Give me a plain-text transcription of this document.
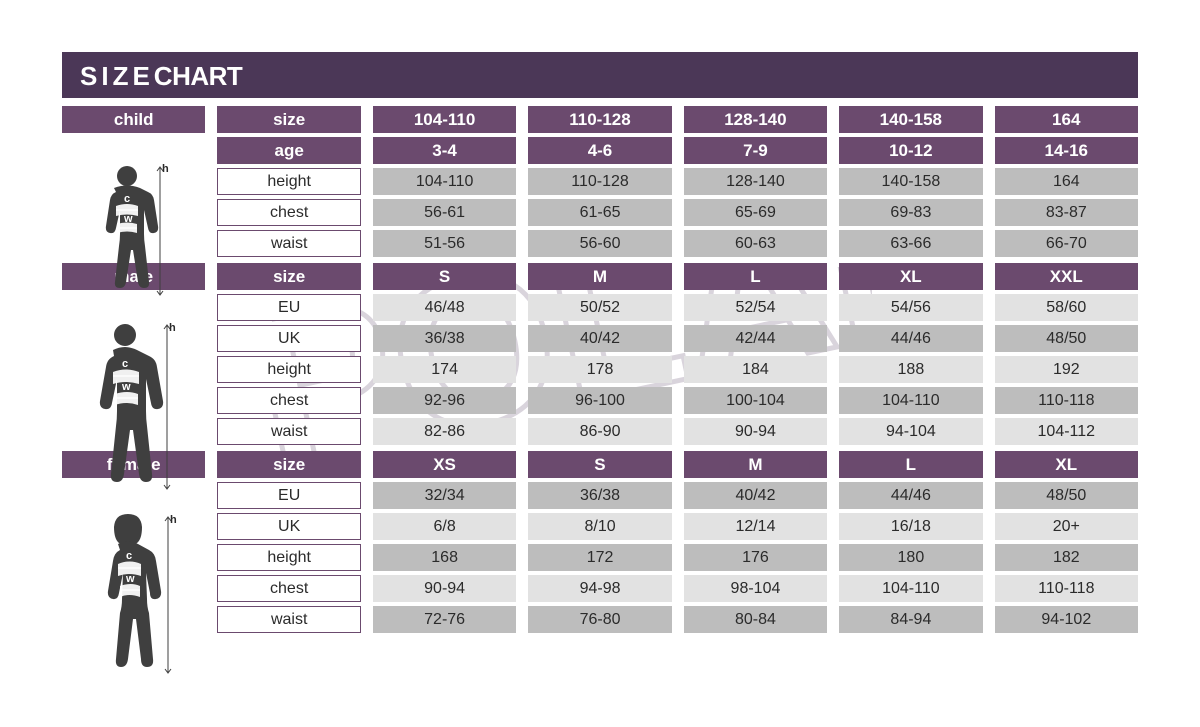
SIZECHART
child	size	104-110	110-128	128-140	140-158	164
age	3-4	4-6	7-9	10-12	14-16
height	104-110	110-128	128-140	140-158	164
chest	56-61	61-65	65-69	69-83	83-87
waist	51-56	56-60	60-63	63-66	66-70
male	size	S	M	L	XL	XXL
EU	46/48	50/52	52/54	54/56	58/60
UK	36/38	40/42	42/44	44/46	48/50
height	174	178	184	188	192
chest	92-96	96-100	100-104	104-110	110-118
waist	82-86	86-90	90-94	94-104	104-112
female	size	XS	S	M	L	XL
EU	32/34	36/38	40/42	44/46	48/50
UK	6/8	8/10	12/14	16/18	20+
height	168	172	176	180	182
chest	90-94	94-98	98-104	104-110	110-118
waist	72-76	76-80	80-84	84-94	94-102
h
c
w
h
c
w
h
c
w
